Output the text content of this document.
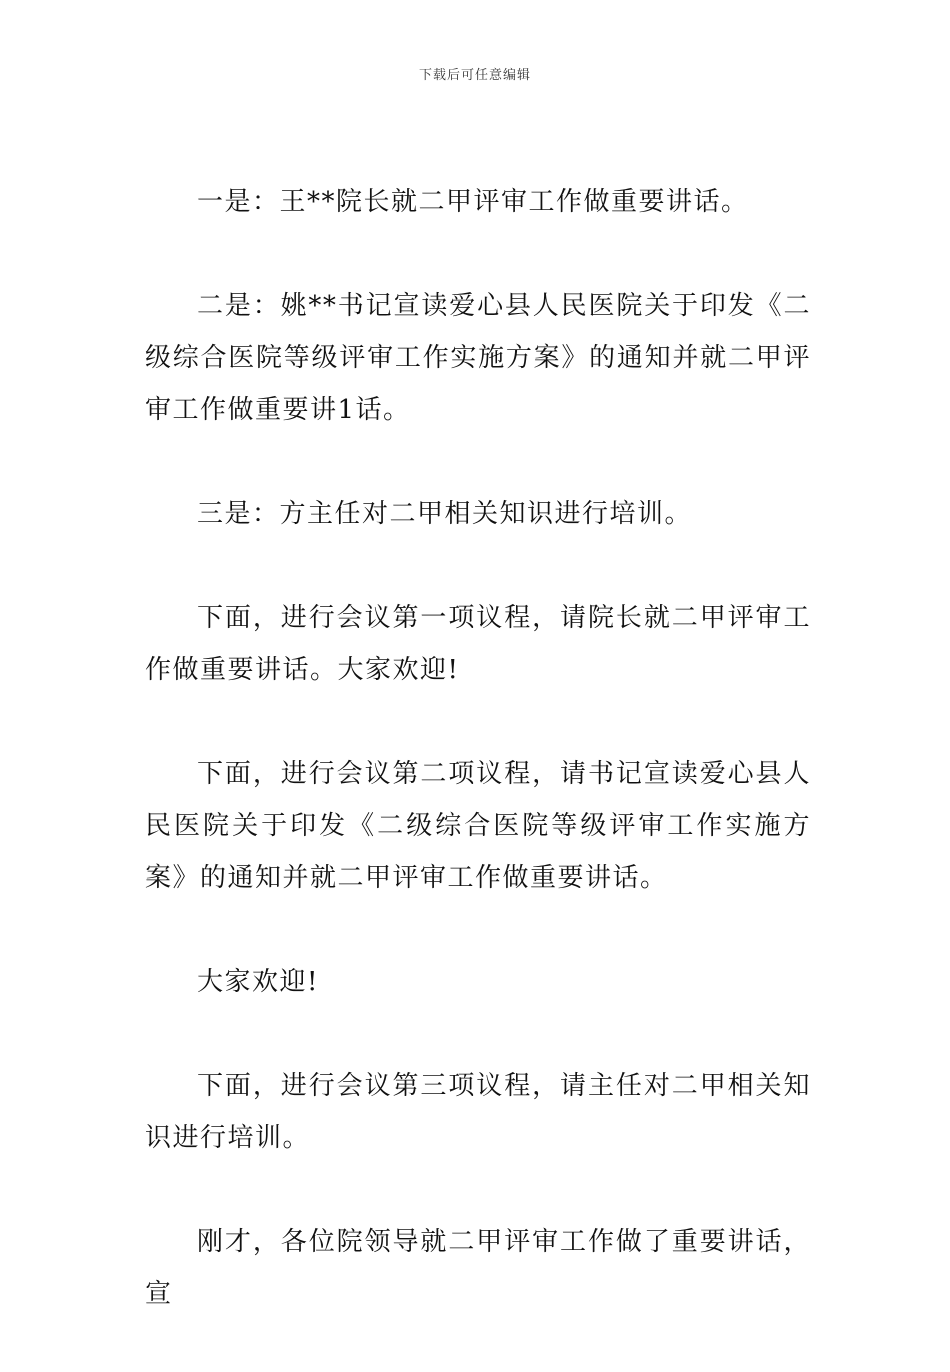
下载后可任意编辑

一是：王**院长就二甲评审工作做重要讲话。

二是：姚**书记宣读爱心县人民医院关于印发《二级综合医院等级评审工作实施方案》的通知并就二甲评审工作做重要讲1话。

三是：方主任对二甲相关知识进行培训。

下面，进行会议第一项议程，请院长就二甲评审工作做重要讲话。大家欢迎!

下面，进行会议第二项议程，请书记宣读爱心县人民医院关于印发《二级综合医院等级评审工作实施方案》的通知并就二甲评审工作做重要讲话。

大家欢迎!

下面，进行会议第三项议程，请主任对二甲相关知识进行培训。

刚才，各位院领导就二甲评审工作做了重要讲话，宣
